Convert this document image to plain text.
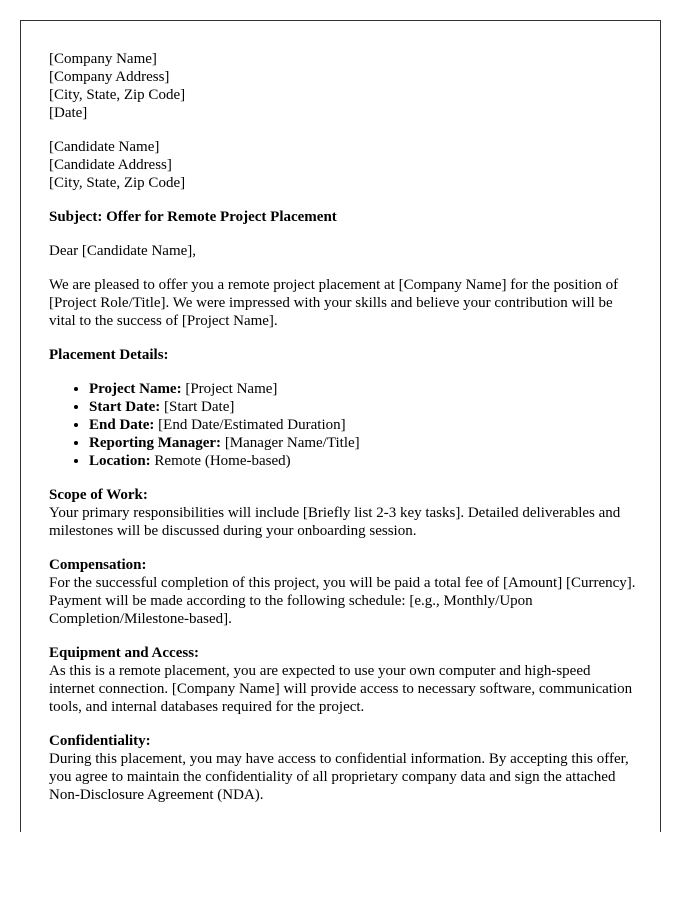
[Company Name]
[Company Address]
[City, State, Zip Code]
[Date]

[Candidate Name]
[Candidate Address]
[City, State, Zip Code]

Subject: Offer for Remote Project Placement

Dear [Candidate Name],

We are pleased to offer you a remote project placement at [Company Name] for the position of [Project Role/Title]. We were impressed with your skills and believe your contribution will be vital to the success of [Project Name].

Placement Details:

• Project Name: [Project Name]
• Start Date: [Start Date]
• End Date: [End Date/Estimated Duration]
• Reporting Manager: [Manager Name/Title]
• Location: Remote (Home-based)

Scope of Work:
Your primary responsibilities will include [Briefly list 2-3 key tasks]. Detailed deliverables and milestones will be discussed during your onboarding session.

Compensation:
For the successful completion of this project, you will be paid a total fee of [Amount] [Currency]. Payment will be made according to the following schedule: [e.g., Monthly/Upon Completion/Milestone-based].

Equipment and Access:
As this is a remote placement, you are expected to use your own computer and high-speed internet connection. [Company Name] will provide access to necessary software, communication tools, and internal databases required for the project.

Confidentiality:
During this placement, you may have access to confidential information. By accepting this offer, you agree to maintain the confidentiality of all proprietary company data and sign the attached Non-Disclosure Agreement (NDA).
